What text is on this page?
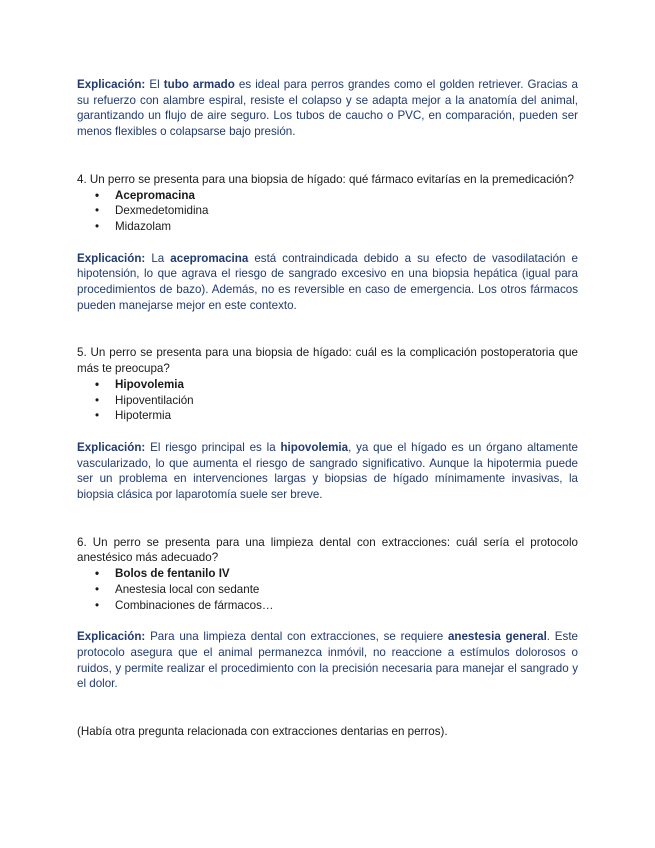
Explicación: El tubo armado es ideal para perros grandes como el golden retriever. Gracias a su refuerzo con alambre espiral, resiste el colapso y se adapta mejor a la anatomía del animal, garantizando un flujo de aire seguro. Los tubos de caucho o PVC, en comparación, pueden ser menos flexibles o colapsarse bajo presión.

4. Un perro se presenta para una biopsia de hígado: qué fármaco evitarías en la premedicación?

• Acepromacina
• Dexmedetomidina
• Midazolam

Explicación: La acepromacina está contraindicada debido a su efecto de vasodilatación e hipotensión, lo que agrava el riesgo de sangrado excesivo en una biopsia hepática (igual para procedimientos de bazo). Además, no es reversible en caso de emergencia. Los otros fármacos pueden manejarse mejor en este contexto.

5. Un perro se presenta para una biopsia de hígado: cuál es la complicación postoperatoria que más te preocupa?

• Hipovolemia
• Hipoventilación
• Hipotermia

Explicación: El riesgo principal es la hipovolemia, ya que el hígado es un órgano altamente vascularizado, lo que aumenta el riesgo de sangrado significativo. Aunque la hipotermia puede ser un problema en intervenciones largas y biopsias de hígado mínimamente invasivas, la biopsia clásica por laparotomía suele ser breve.

6. Un perro se presenta para una limpieza dental con extracciones: cuál sería el protocolo anestésico más adecuado?

• Bolos de fentanilo IV
• Anestesia local con sedante
• Combinaciones de fármacos…

Explicación: Para una limpieza dental con extracciones, se requiere anestesia general. Este protocolo asegura que el animal permanezca inmóvil, no reaccione a estímulos dolorosos o ruidos, y permite realizar el procedimiento con la precisión necesaria para manejar el sangrado y el dolor.

(Había otra pregunta relacionada con extracciones dentarias en perros).
